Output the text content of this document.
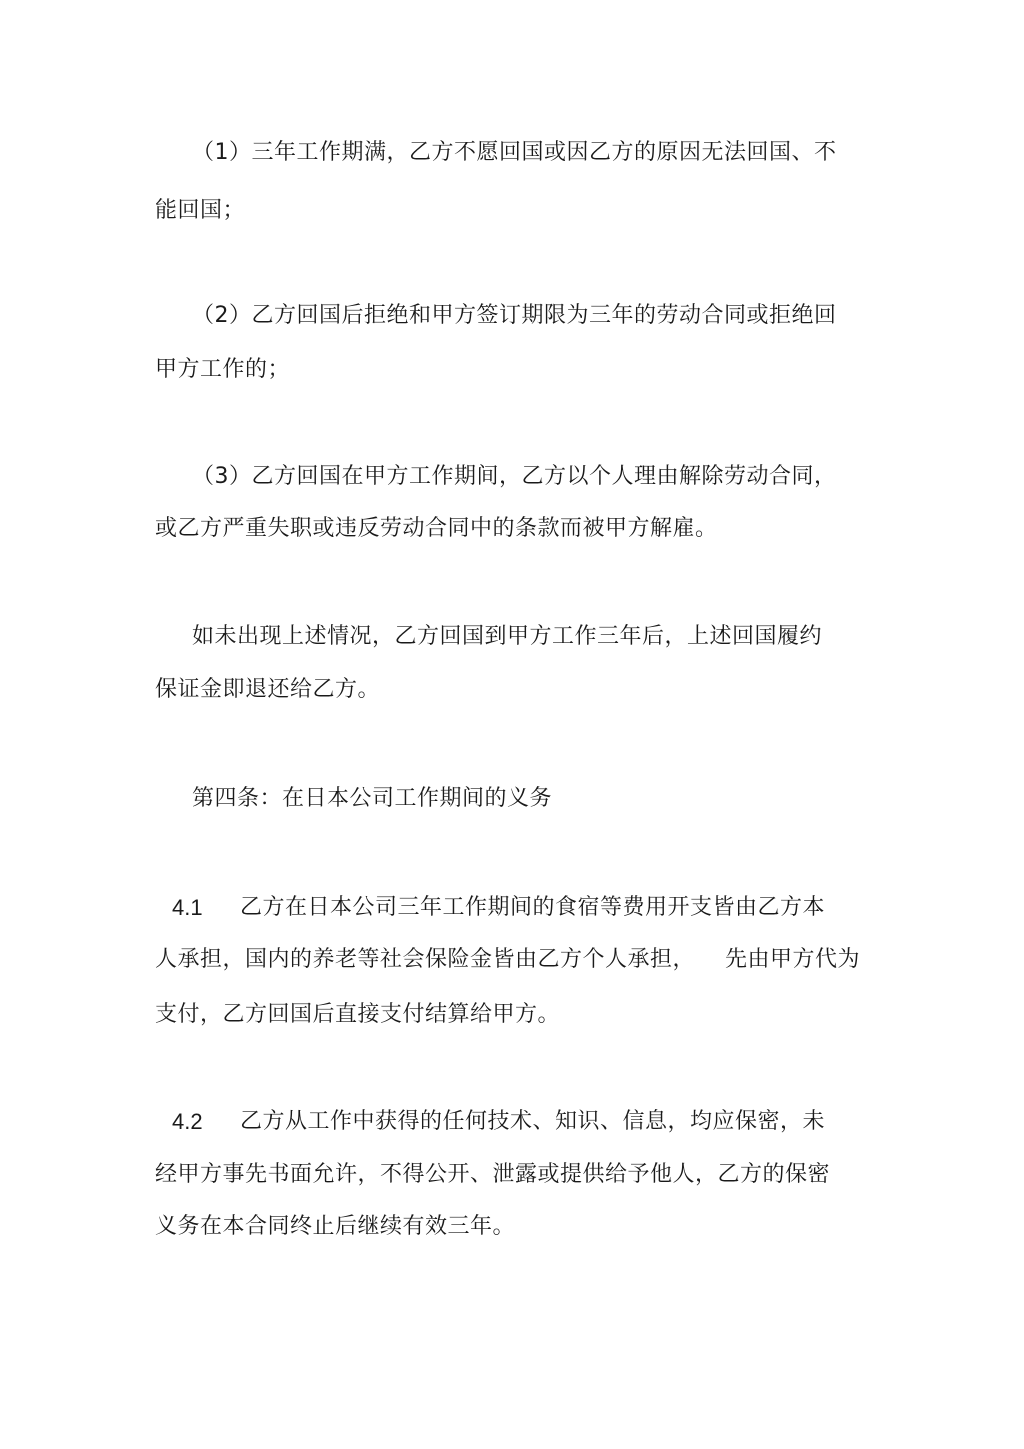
（1）三年工作期满，乙方不愿回国或因乙方的原因无法回国、不
能回国；
（2）乙方回国后拒绝和甲方签订期限为三年的劳动合同或拒绝回
甲方工作的；
（3）乙方回国在甲方工作期间，乙方以个人理由解除劳动合同，
或乙方严重失职或违反劳动合同中的条款而被甲方解雇。
如未出现上述情况，乙方回国到甲方工作三年后，上述回国履约
保证金即退还给乙方。
第四条：在日本公司工作期间的义务
4.1 乙方在日本公司三年工作期间的食宿等费用开支皆由乙方本
人承担，国内的养老等社会保险金皆由乙方个人承担， 先由甲方代为
支付，乙方回国后直接支付结算给甲方。
4.2 乙方从工作中获得的任何技术、知识、信息，均应保密，未
经甲方事先书面允许，不得公开、泄露或提供给予他人，乙方的保密
义务在本合同终止后继续有效三年。
